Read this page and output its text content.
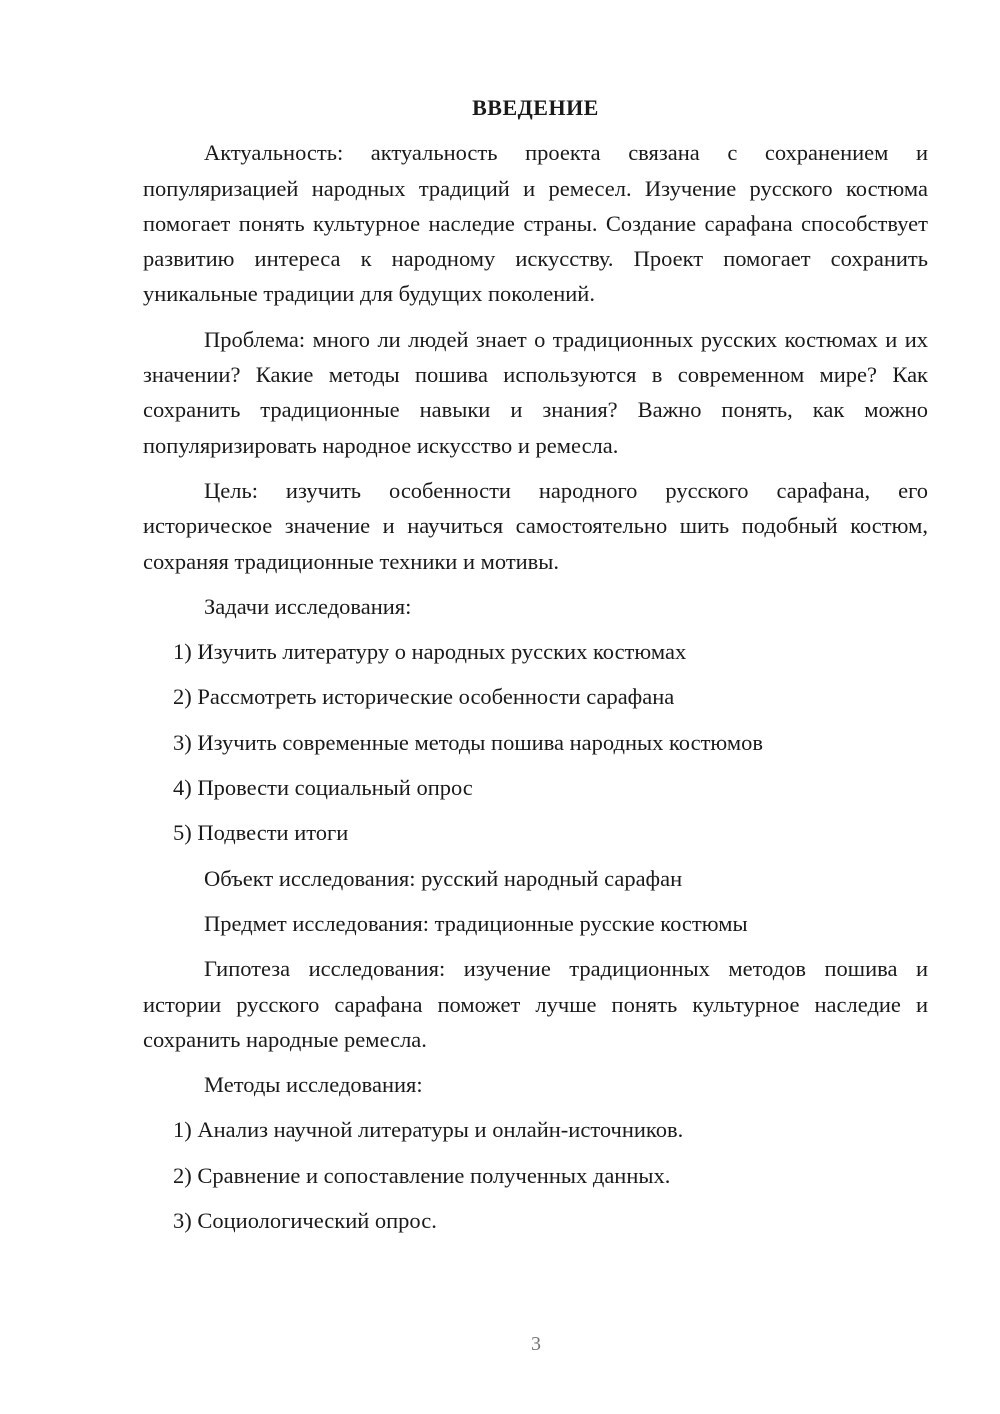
ВВЕДЕНИЕ

Актуальность: актуальность проекта связана с сохранением и популяризацией народных традиций и ремесел. Изучение русского костюма помогает понять культурное наследие страны. Создание сарафана способствует развитию интереса к народному искусству. Проект помогает сохранить уникальные традиции для будущих поколений.

Проблема: много ли людей знает о традиционных русских костюмах и их значении? Какие методы пошива используются в современном мире? Как сохранить традиционные навыки и знания? Важно понять, как можно популяризировать народное искусство и ремесла.

Цель: изучить особенности народного русского сарафана, его историческое значение и научиться самостоятельно шить подобный костюм, сохраняя традиционные техники и мотивы.

Задачи исследования:

1) Изучить литературу о народных русских костюмах

2) Рассмотреть исторические особенности сарафана

3) Изучить современные методы пошива народных костюмов

4) Провести социальный опрос

5) Подвести итоги

Объект исследования: русский народный сарафан

Предмет исследования: традиционные русские костюмы

Гипотеза исследования: изучение традиционных методов пошива и истории русского сарафана поможет лучше понять культурное наследие и сохранить народные ремесла.

Методы исследования:

1) Анализ научной литературы и онлайн-источников.

2) Сравнение и сопоставление полученных данных.

3) Социологический опрос.

3
